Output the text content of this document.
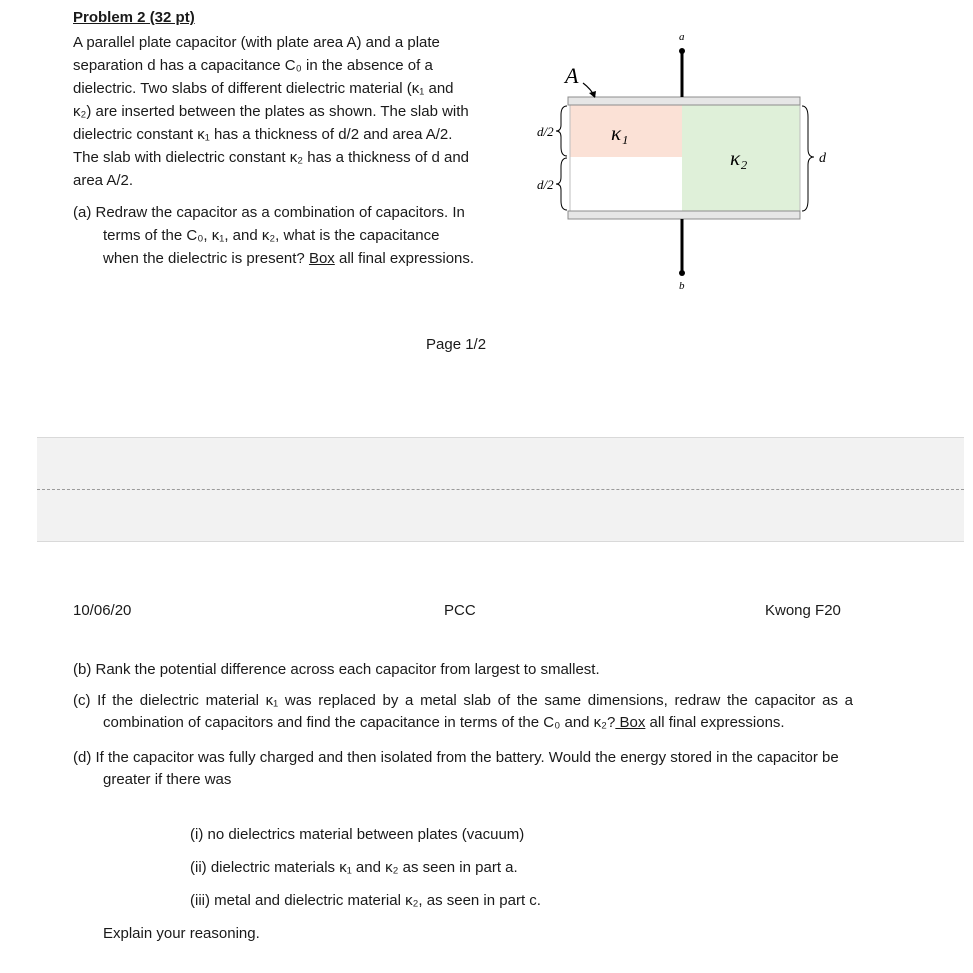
Problem 2 (32 pt)
A parallel plate capacitor (with plate area A) and a plate
separation d has a capacitance C₀ in the absence of a
dielectric. Two slabs of different dielectric material (κ₁ and
κ₂) are inserted between the plates as shown. The slab with
dielectric constant κ₁ has a thickness of d/2 and area A/2.
The slab with dielectric constant κ₂ has a thickness of d and
area A/2.
(a) Redraw the capacitor as a combination of capacitors. In
terms of the C₀, κ₁, and κ₂, what is the capacitance
when the dielectric is present? Box all final expressions.
a
b
A
κ₁
κ₂
d/2
d/2
d
Page 1/2
10/06/20	PCC	Kwong F20
(b) Rank the potential difference across each capacitor from largest to smallest.
(c) If the dielectric material κ₁ was replaced by a metal slab of the same dimensions, redraw the capacitor as a combination of capacitors and find the capacitance in terms of the C₀ and κ₂? Box all final expressions.
(d) If the capacitor was fully charged and then isolated from the battery. Would the energy stored in the capacitor be greater if there was
(i) no dielectrics material between plates (vacuum)
(ii) dielectric materials κ₁ and κ₂ as seen in part a.
(iii) metal and dielectric material κ₂, as seen in part c.
Explain your reasoning.
